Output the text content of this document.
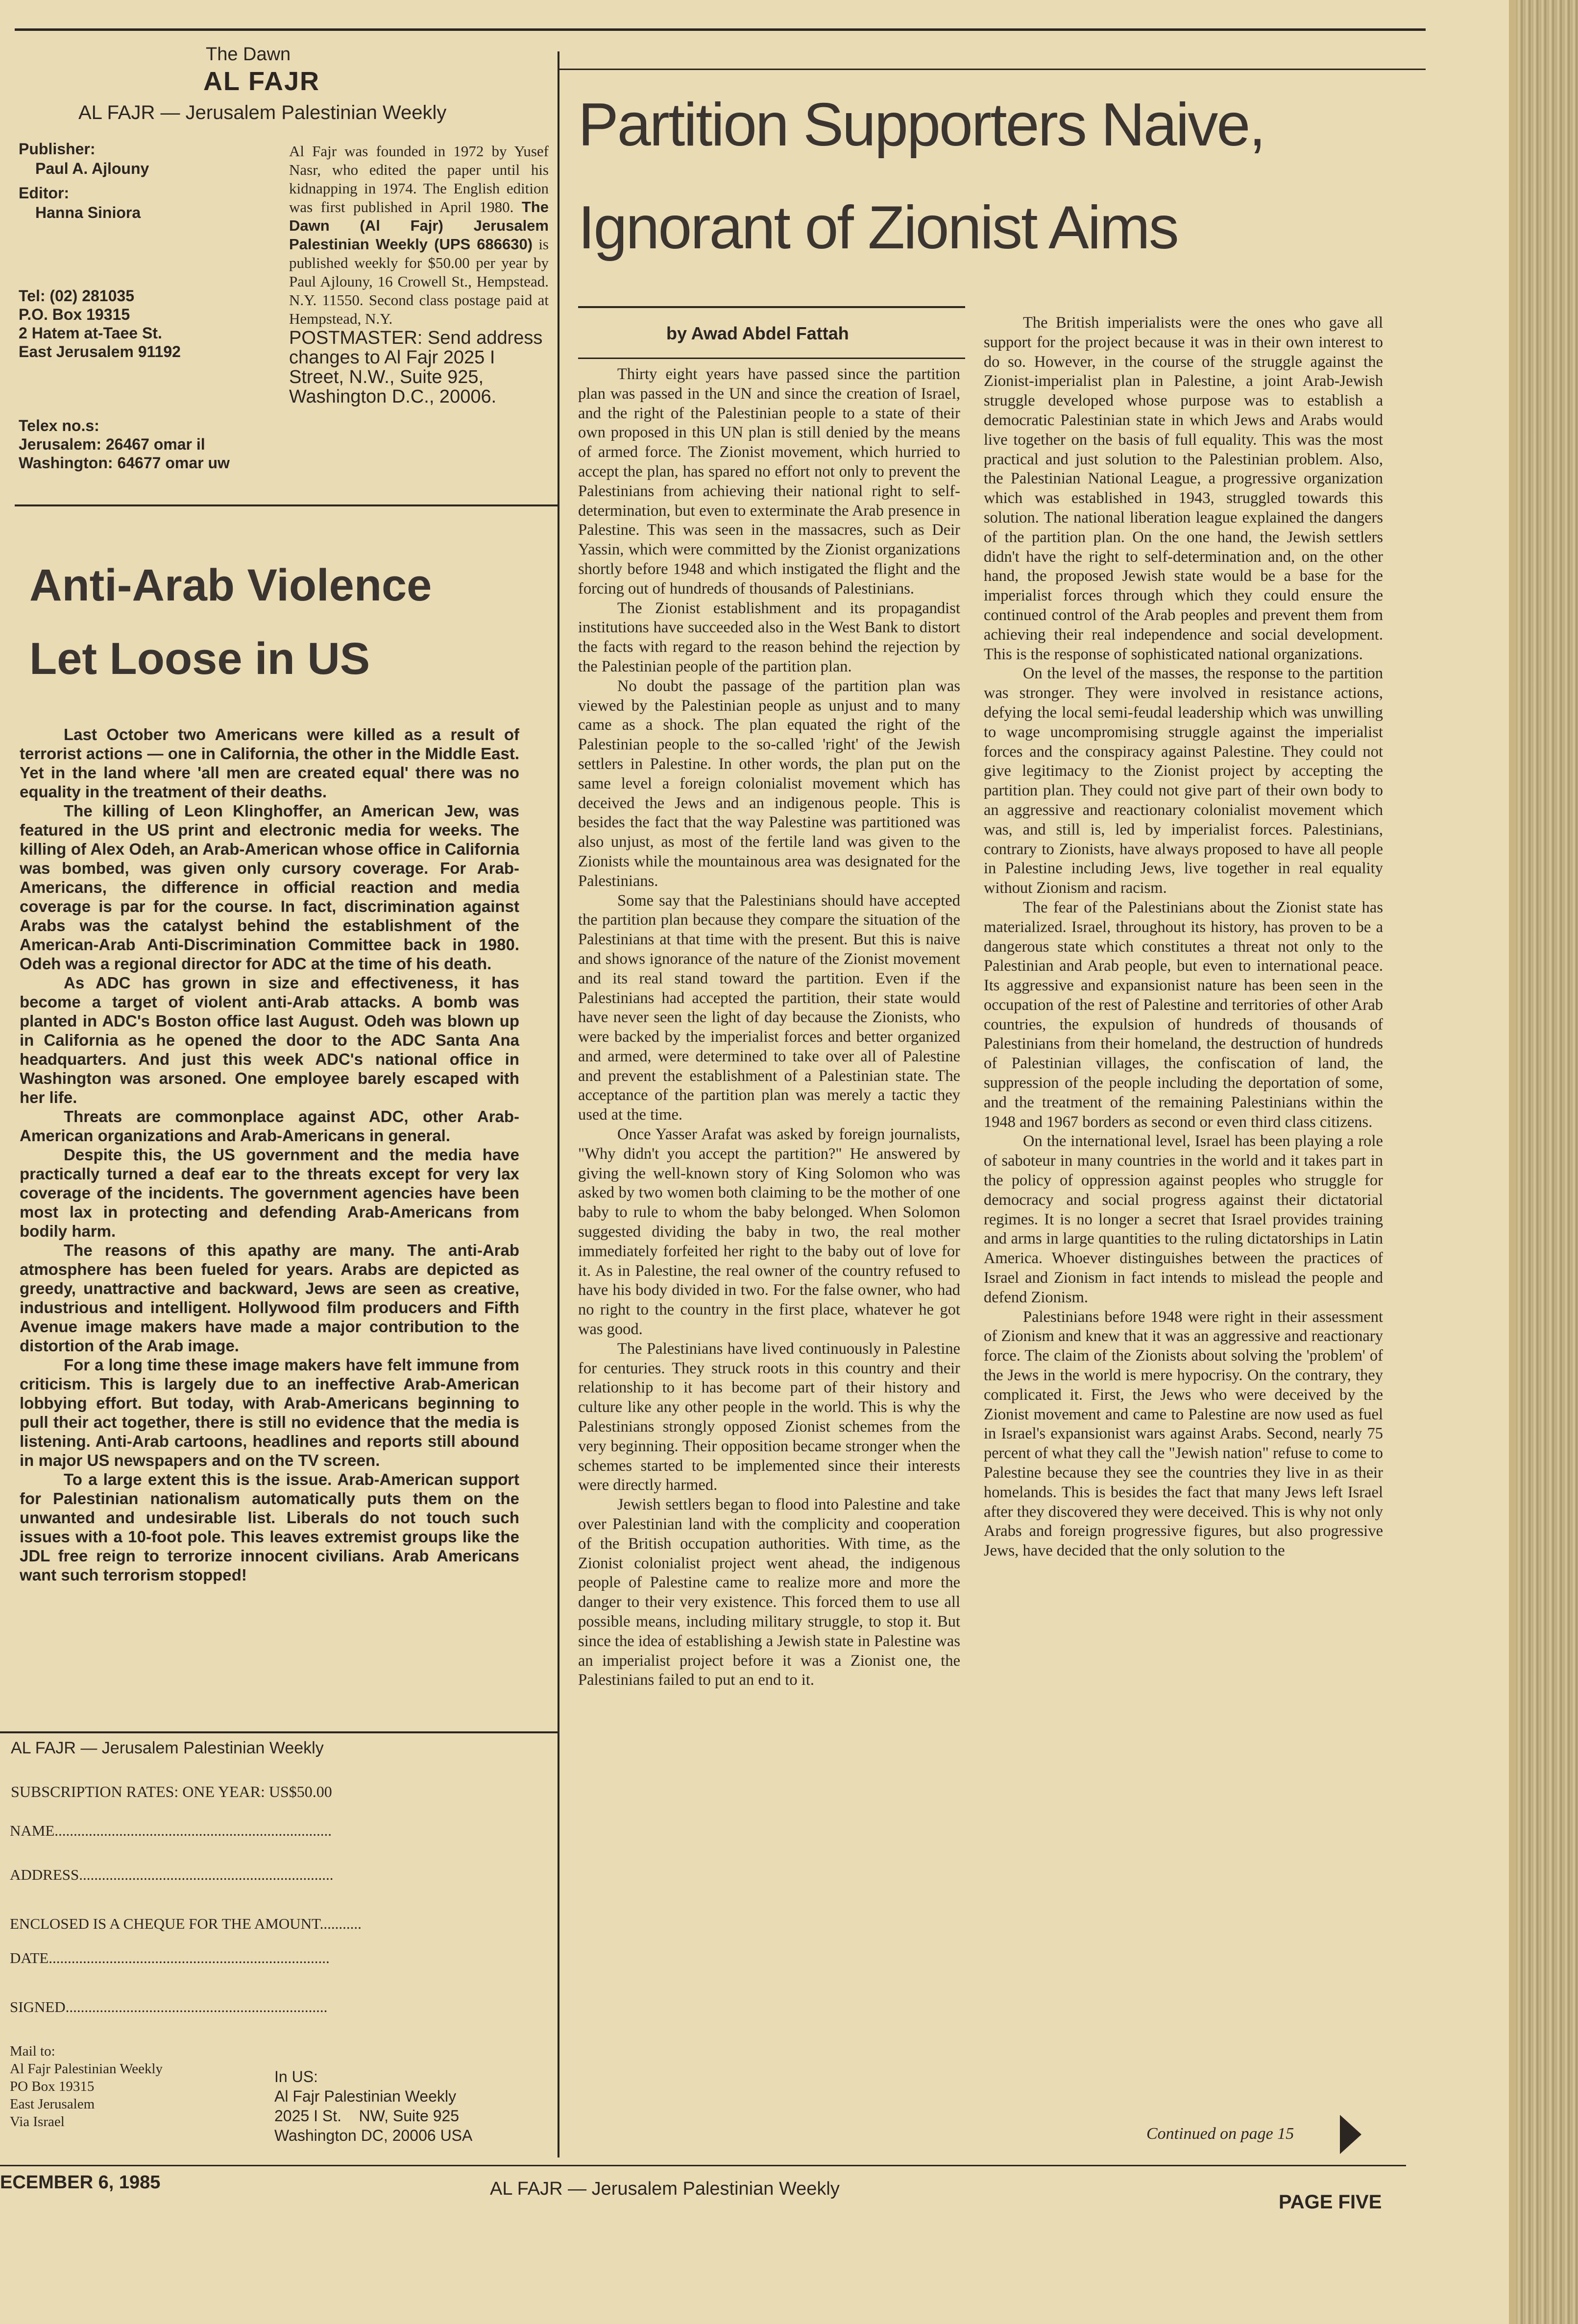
The Dawn
AL FAJR
AL FAJR — Jerusalem Palestinian Weekly
Publisher:
Paul A. Ajlouny
Editor:
Hanna Siniora
Tel: (02) 281035
P.O. Box 19315
2 Hatem at-Taee St.
East Jerusalem 91192
Telex no.s:
Jerusalem: 26467 omar il
Washington: 64677 omar uw
Al Fajr was founded in 1972 by Yusef Nasr, who edited the paper until his kidnapping in 1974. The English edition was first published in April 1980. The Dawn (Al Fajr) Jerusalem Palestinian Weekly (UPS 686630) is published weekly for $50.00 per year by Paul Ajlouny, 16 Crowell St., Hempstead. N.Y. 11550. Second class postage paid at Hempstead, N.Y.
POSTMASTER: Send address changes to Al Fajr 2025 I Street, N.W., Suite 925, Washington D.C., 20006.
Anti-Arab Violence
Let Loose in US

Last October two Americans were killed as a result of terrorist actions — one in California, the other in the Middle East. Yet in the land where 'all men are created equal' there was no equality in the treatment of their deaths.

The killing of Leon Klinghoffer, an American Jew, was featured in the US print and electronic media for weeks. The killing of Alex Odeh, an Arab-American whose office in California was bombed, was given only cursory coverage. For Arab-Americans, the difference in official reaction and media coverage is par for the course. In fact, discrimination against Arabs was the catalyst behind the establishment of the American-Arab Anti-Discrimination Committee back in 1980. Odeh was a regional director for ADC at the time of his death.

As ADC has grown in size and effectiveness, it has become a target of violent anti-Arab attacks. A bomb was planted in ADC's Boston office last August. Odeh was blown up in California as he opened the door to the ADC Santa Ana headquarters. And just this week ADC's national office in Washington was arsoned. One employee barely escaped with her life.

Threats are commonplace against ADC, other Arab-American organizations and Arab-Americans in general.

Despite this, the US government and the media have practically turned a deaf ear to the threats except for very lax coverage of the incidents. The government agencies have been most lax in protecting and defending Arab-Americans from bodily harm.

The reasons of this apathy are many. The anti-Arab atmosphere has been fueled for years. Arabs are depicted as greedy, unattractive and backward, Jews are seen as creative, industrious and intelligent. Hollywood film producers and Fifth Avenue image makers have made a major contribution to the distortion of the Arab image.

For a long time these image makers have felt immune from criticism. This is largely due to an ineffective Arab-American lobbying effort. But today, with Arab-Americans beginning to pull their act together, there is still no evidence that the media is listening. Anti-Arab cartoons, headlines and reports still abound in major US newspapers and on the TV screen.

To a large extent this is the issue. Arab-American support for Palestinian nationalism automatically puts them on the unwanted and undesirable list. Liberals do not touch such issues with a 10-foot pole. This leaves extremist groups like the JDL free reign to terrorize innocent civilians. Arab Americans want such terrorism stopped!

AL FAJR — Jerusalem Palestinian Weekly
SUBSCRIPTION RATES: ONE YEAR: US$50.00
NAME.........................................................................
ADDRESS...................................................................
ENCLOSED IS A CHEQUE FOR THE AMOUNT...........
DATE..........................................................................
SIGNED.....................................................................
Mail to:
Al Fajr Palestinian Weekly
PO Box 19315
East Jerusalem
Via Israel
In US:
Al Fajr Palestinian Weekly
2025 I St.    NW, Suite 925
Washington DC, 20006 USA
Partition Supporters Naive,
Ignorant of Zionist Aims
by Awad Abdel Fattah

Thirty eight years have passed since the partition plan was passed in the UN and since the creation of Israel, and the right of the Palestinian people to a state of their own proposed in this UN plan is still denied by the means of armed force. The Zionist movement, which hurried to accept the plan, has spared no effort not only to prevent the Palestinians from achieving their national right to self-determination, but even to exterminate the Arab presence in Palestine. This was seen in the massacres, such as Deir Yassin, which were committed by the Zionist organizations shortly before 1948 and which instigated the flight and the forcing out of hundreds of thousands of Palestinians.

The Zionist establishment and its propagandist institutions have succeeded also in the West Bank to distort the facts with regard to the reason behind the rejection by the Palestinian people of the partition plan.

No doubt the passage of the partition plan was viewed by the Palestinian people as unjust and to many came as a shock. The plan equated the right of the Palestinian people to the so-called 'right' of the Jewish settlers in Palestine. In other words, the plan put on the same level a foreign colonialist movement which has deceived the Jews and an indigenous people. This is besides the fact that the way Palestine was partitioned was also unjust, as most of the fertile land was given to the Zionists while the mountainous area was designated for the Palestinians.

Some say that the Palestinians should have accepted the partition plan because they compare the situation of the Palestinians at that time with the present. But this is naive and shows ignorance of the nature of the Zionist movement and its real stand toward the partition. Even if the Palestinians had accepted the partition, their state would have never seen the light of day because the Zionists, who were backed by the imperialist forces and better organized and armed, were determined to take over all of Palestine and prevent the establishment of a Palestinian state. The acceptance of the partition plan was merely a tactic they used at the time.

Once Yasser Arafat was asked by foreign journalists, "Why didn't you accept the partition?" He answered by giving the well-known story of King Solomon who was asked by two women both claiming to be the mother of one baby to rule to whom the baby belonged. When Solomon suggested dividing the baby in two, the real mother immediately forfeited her right to the baby out of love for it. As in Palestine, the real owner of the country refused to have his body divided in two. For the false owner, who had no right to the country in the first place, whatever he got was good.

The Palestinians have lived continuously in Palestine for centuries. They struck roots in this country and their relationship to it has become part of their history and culture like any other people in the world. This is why the Palestinians strongly opposed Zionist schemes from the very beginning. Their opposition became stronger when the schemes started to be implemented since their interests were directly harmed.

Jewish settlers began to flood into Palestine and take over Palestinian land with the complicity and cooperation of the British occupation authorities. With time, as the Zionist colonialist project went ahead, the indigenous people of Palestine came to realize more and more the danger to their very existence. This forced them to use all possible means, including military struggle, to stop it. But since the idea of establishing a Jewish state in Palestine was an imperialist project before it was a Zionist one, the Palestinians failed to put an end to it.

The British imperialists were the ones who gave all support for the project because it was in their own interest to do so. However, in the course of the struggle against the Zionist-imperialist plan in Palestine, a joint Arab-Jewish struggle developed whose purpose was to establish a democratic Palestinian state in which Jews and Arabs would live together on the basis of full equality. This was the most practical and just solution to the Palestinian problem. Also, the Palestinian National League, a progressive organization which was established in 1943, struggled towards this solution. The national liberation league explained the dangers of the partition plan. On the one hand, the Jewish settlers didn't have the right to self-determination and, on the other hand, the proposed Jewish state would be a base for the imperialist forces through which they could ensure the continued control of the Arab peoples and prevent them from achieving their real independence and social development. This is the response of sophisticated national organizations.

On the level of the masses, the response to the partition was stronger. They were involved in resistance actions, defying the local semi-feudal leadership which was unwilling to wage uncompromising struggle against the imperialist forces and the conspiracy against Palestine. They could not give legitimacy to the Zionist project by accepting the partition plan. They could not give part of their own body to an aggressive and reactionary colonialist movement which was, and still is, led by imperialist forces. Palestinians, contrary to Zionists, have always proposed to have all people in Palestine including Jews, live together in real equality without Zionism and racism.

The fear of the Palestinians about the Zionist state has materialized. Israel, throughout its history, has proven to be a dangerous state which constitutes a threat not only to the Palestinian and Arab people, but even to international peace. Its aggressive and expansionist nature has been seen in the occupation of the rest of Palestine and territories of other Arab countries, the expulsion of hundreds of thousands of Palestinians from their homeland, the destruction of hundreds of Palestinian villages, the confiscation of land, the suppression of the people including the deportation of some, and the treatment of the remaining Palestinians within the 1948 and 1967 borders as second or even third class citizens.

On the international level, Israel has been playing a role of saboteur in many countries in the world and it takes part in the policy of oppression against peoples who struggle for democracy and social progress against their dictatorial regimes. It is no longer a secret that Israel provides training and arms in large quantities to the ruling dictatorships in Latin America. Whoever distinguishes between the practices of Israel and Zionism in fact intends to mislead the people and defend Zionism.

Palestinians before 1948 were right in their assessment of Zionism and knew that it was an aggressive and reactionary force. The claim of the Zionists about solving the 'problem' of the Jews in the world is mere hypocrisy. On the contrary, they complicated it. First, the Jews who were deceived by the Zionist movement and came to Palestine are now used as fuel in Israel's expansionist wars against Arabs. Second, nearly 75 percent of what they call the "Jewish nation" refuse to come to Palestine because they see the countries they live in as their homelands. This is besides the fact that many Jews left Israel after they discovered they were deceived. This is why not only Arabs and foreign progressive figures, but also progressive Jews, have decided that the only solution to the

Continued on page 15
ECEMBER 6, 1985	AL FAJR — Jerusalem Palestinian Weekly
PAGE FIVE
